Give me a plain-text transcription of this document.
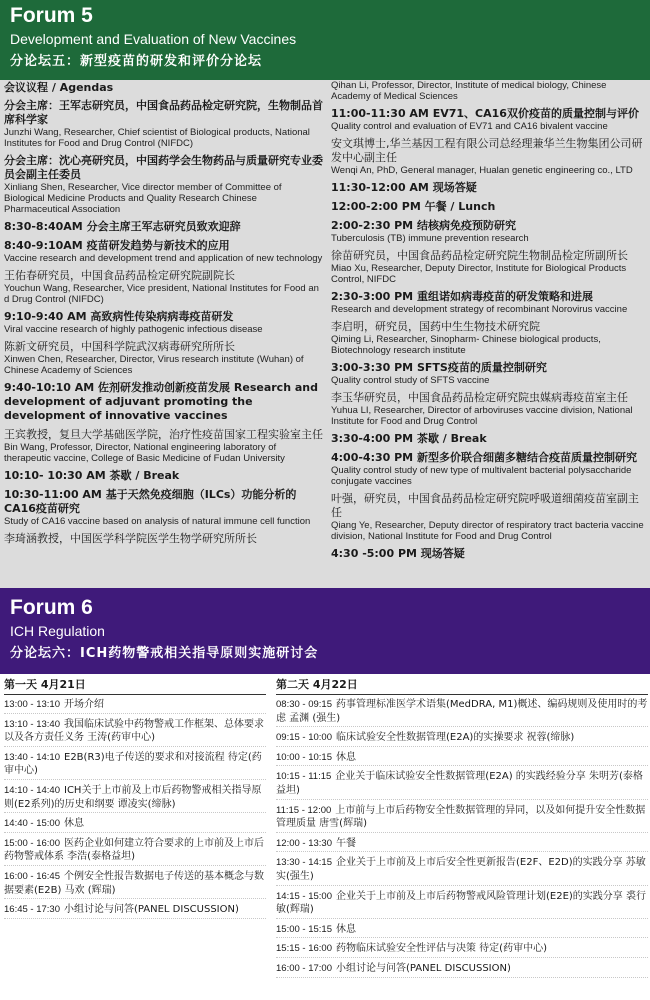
Forum 5
Development and Evaluation of New Vaccines
分论坛五：新型疫苗的研发和评价分论坛
会议议程 / Agendas
分会主席：王军志研究员，中国食品药品检定研究院，生物制品首席科学家
Junzhi Wang, Researcher, Chief scientist of Biological products, National Institutes for Food and Drug Control (NIFDC)
分会主席：沈心亮研究员，中国药学会生物药品与质量研究专业委员会副主任委员
Xinliang Shen, Researcher, Vice director member of Committee of Biological Medicine Products and Quality Research Chinese Pharmaceutical Association
8:30-8:40AM 分会主席王军志研究员致欢迎辞
8:40-9:10AM 疫苗研发趋势与新技术的应用
Vaccine research and development trend and application of new technology
王佑春研究员，中国食品药品检定研究院副院长
Youchun Wang, Researcher, Vice president, National Institutes for Food an d Drug Control (NIFDC)
9:10-9:40 AM 高致病性传染病病毒疫苗研发
Viral vaccine research of highly pathogenic infectious disease
陈新文研究员，中国科学院武汉病毒研究所所长
Xinwen Chen, Researcher, Director, Virus research institute (Wuhan) of Chinese Academy of Sciences
9:40-10:10 AM 佐剂研发推动创新疫苗发展 Research and development of adjuvant promoting the development of innovative vaccines
王宾教授，复旦大学基础医学院，治疗性疫苗国家工程实验室主任
Bin Wang, Professor, Director, National engineering laboratory of therapeutic vaccine, College of Basic Medicine of Fudan University
10:10- 10:30 AM 茶歇 / Break
10:30-11:00 AM 基于天然免疫细胞（ILCs）功能分析的CA16疫苗研究
Study of CA16 vaccine based on analysis of natural immune cell function
李琦涵教授，中国医学科学院医学生物学研究所所长
Qihan Li, Professor, Director, Institute of medical biology, Chinese Academy of Medical Sciences
11:00-11:30 AM EV71、CA16双价疫苗的质量控制与评价
Quality control and evaluation of EV71 and CA16 bivalent vaccine
安文琪博士,华兰基因工程有限公司总经理兼华兰生物集团公司研发中心副主任
Wenqi An, PhD, General manager, Hualan genetic engineering co., LTD
11:30-12:00 AM 现场答疑
12:00-2:00 PM 午餐 / Lunch
2:00-2:30 PM 结核病免疫预防研究
Tuberculosis (TB) immune prevention research
徐苗研究员，中国食品药品检定研究院生物制品检定所副所长
Miao Xu, Researcher, Deputy Director, Institute for Biological Products Control, NIFDC
2:30-3:00 PM 重组诺如病毒疫苗的研发策略和进展
Research and development strategy of recombinant Norovirus vaccine
李启明，研究员，国药中生生物技术研究院
Qiming Li, Researcher, Sinopharm- Chinese biological products, Biotechnology research institute
3:00-3:30 PM SFTS疫苗的质量控制研究
Quality control study of SFTS vaccine
李玉华研究员，中国食品药品检定研究院虫媒病毒疫苗室主任
Yuhua LI, Researcher, Director of arboviruses vaccine division, National Institute for Food and Drug Control
3:30-4:00 PM 茶歇 / Break
4:00-4:30 PM 新型多价联合细菌多糖结合疫苗质量控制研究
Quality control study of new type of multivalent bacterial polysaccharide conjugate vaccines
叶强，研究员，中国食品药品检定研究院呼吸道细菌疫苗室副主任
Qiang Ye, Researcher, Deputy director of respiratory tract bacteria vaccine division, National Institute for Food and Drug Control
4:30 -5:00 PM 现场答疑
Forum 6
ICH Regulation
分论坛六：ICH药物警戒相关指导原则实施研讨会
第一天 4月21日
13:00 - 13:10 开场介绍
13:10 - 13:40 我国临床试验中药物警戒工作框架、总体要求以及各方责任义务 王涛(药审中心)
13:40 - 14:10 E2B(R3)电子传送的要求和对接流程 待定(药审中心)
14:10 - 14:40 ICH关于上市前及上市后药物警戒相关指导原则(E2系列)的历史和纲要 谭凌实(缔脉)
14:40 - 15:00 休息
15:00 - 16:00 医药企业如何建立符合要求的上市前及上市后药物警戒体系 李浩(泰格益坦)
16:00 - 16:45 个例安全性报告数据电子传送的基本概念与数据要素(E2B) 马欢 (辉瑞)
16:45 - 17:30 小组讨论与问答(PANEL DISCUSSION)
第二天 4月22日
08:30 - 09:15 药事管理标准医学术语集(MedDRA, M1)概述、编码规则及使用时的考虑 孟渊 (强生)
09:15 - 10:00 临床试验安全性数据管理(E2A)的实操要求 祝蓉(缔脉)
10:00 - 10:15 休息
10:15 - 11:15 企业关于临床试验安全性数据管理(E2A) 的实践经验分享 朱明芳(泰格益坦)
11:15 - 12:00 上市前与上市后药物安全性数据管理的异同，以及如何提升安全性数据管理质量 唐雪(辉瑞)
12:00 - 13:30 午餐
13:30 - 14:15 企业关于上市前及上市后安全性更新报告(E2F、E2D)的实践分享 苏敏实(强生)
14:15 - 15:00 企业关于上市前及上市后药物警戒风险管理计划(E2E)的实践分享 裘行敏(辉瑞)
15:00 - 15:15 休息
15:15 - 16:00 药物临床试验安全性评估与决策 待定(药审中心)
16:00 - 17:00 小组讨论与问答(PANEL DISCUSSION)
